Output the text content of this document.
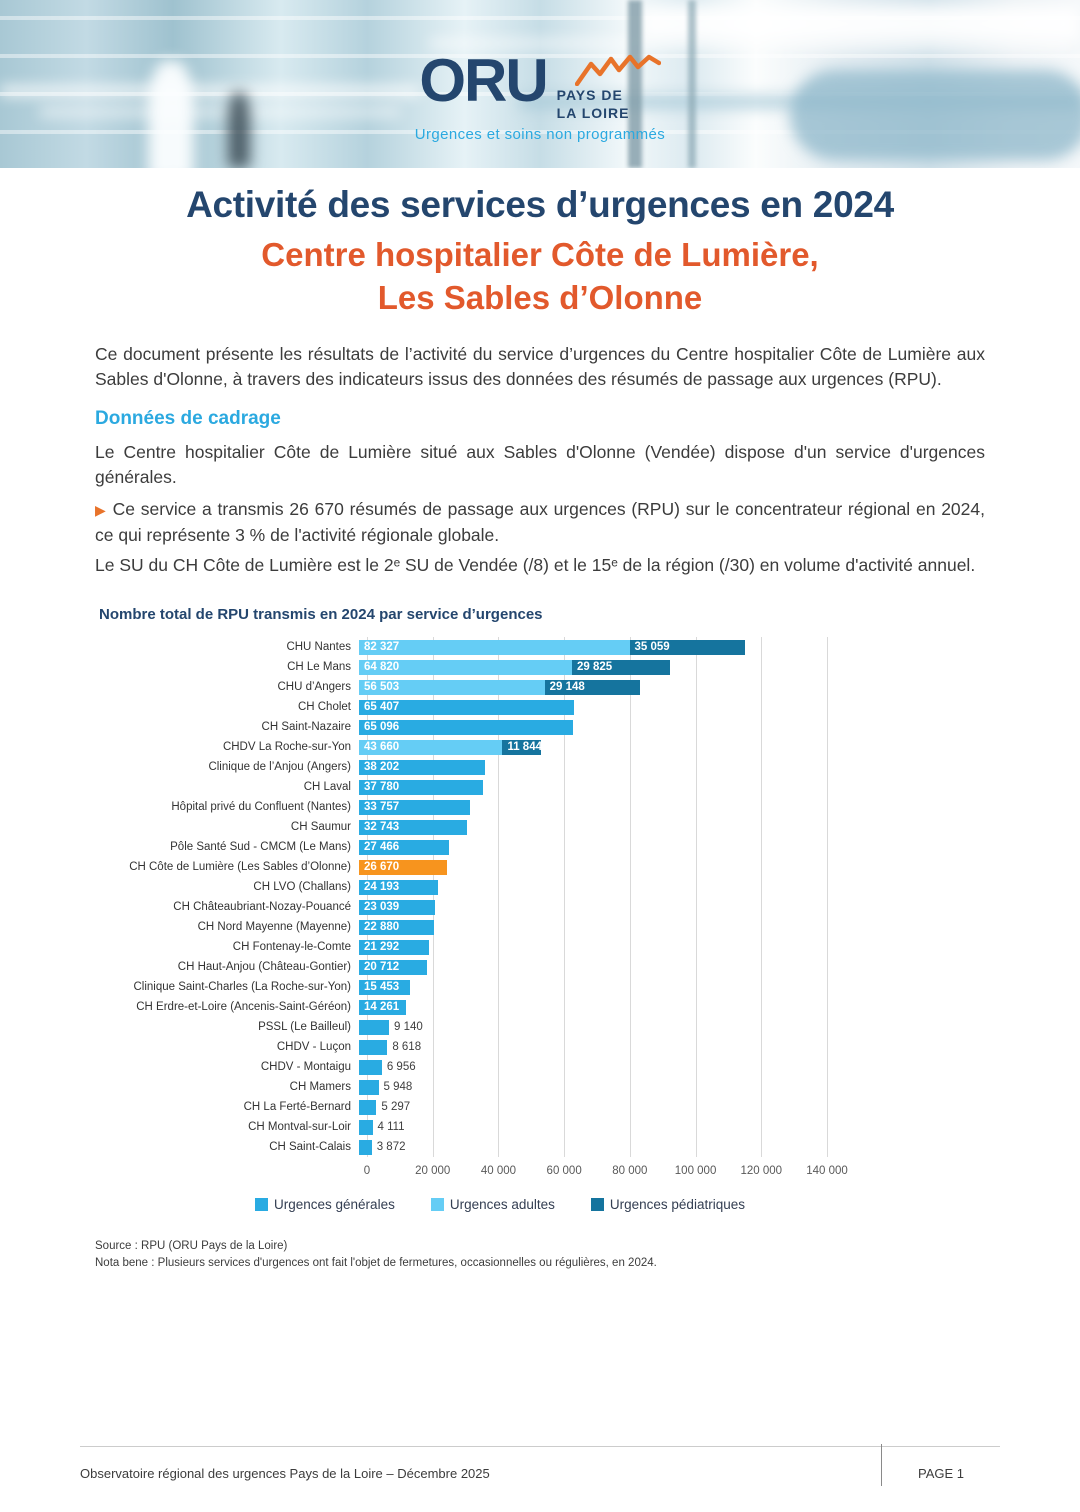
ORU PAYS DE
LA LOIRE
Urgences et soins non programmés
Activité des services d’urgences en 2024
Centre hospitalier Côte de Lumière,
Les Sables d’Olonne

Ce document présente les résultats de l’activité du service d’urgences du Centre hospitalier Côte de Lumière aux Sables d'Olonne, à travers des indicateurs issus des données des résumés de passage aux urgences (RPU).

Données de cadrage

Le Centre hospitalier Côte de Lumière situé aux Sables d'Olonne (Vendée) dispose d'un service d'urgences générales.

▶ Ce service a transmis 26 670 résumés de passage aux urgences (RPU) sur le concentrateur régional en 2024, ce qui représente 3 % de l'activité régionale globale.

Le SU du CH Côte de Lumière est le 2ᵉ SU de Vendée (/8) et le 15ᵉ de la région (/30) en volume d'activité annuel.

Nombre total de RPU transmis en 2024 par service d’urgences
CHU Nantes	82 327	35 059
CH Le Mans	64 820	29 825
CHU d’Angers	56 503	29 148
CH Cholet	65 407
CH Saint-Nazaire	65 096
CHDV La Roche-sur-Yon	43 660	11 844
Clinique de l’Anjou (Angers)	38 202
CH Laval	37 780
Hôpital privé du Confluent (Nantes)	33 757
CH Saumur	32 743
Pôle Santé Sud - CMCM (Le Mans)	27 466
CH Côte de Lumière (Les Sables d’Olonne)	26 670
CH LVO (Challans)	24 193
CH Châteaubriant-Nozay-Pouancé	23 039
CH Nord Mayenne (Mayenne)	22 880
CH Fontenay-le-Comte	21 292
CH Haut-Anjou (Château-Gontier)	20 712
Clinique Saint-Charles (La Roche-sur-Yon)	15 453
CH Erdre-et-Loire (Ancenis-Saint-Géréon)	14 261
PSSL (Le Bailleul)	9 140
CHDV - Luçon	8 618
CHDV - Montaigu	6 956
CH Mamers	5 948
CH La Ferté-Bernard	5 297
CH Montval-sur-Loir	4 111
CH Saint-Calais	3 872
0	20 000	40 000	60 000	80 000 100 000 120 000 140 000
Urgences générales	Urgences adultes	Urgences pédiatriques
Source : RPU (ORU Pays de la Loire)
Nota bene : Plusieurs services d'urgences ont fait l'objet de fermetures, occasionnelles ou régulières, en 2024.
Observatoire régional des urgences Pays de la Loire – Décembre 2025	PAGE 1
